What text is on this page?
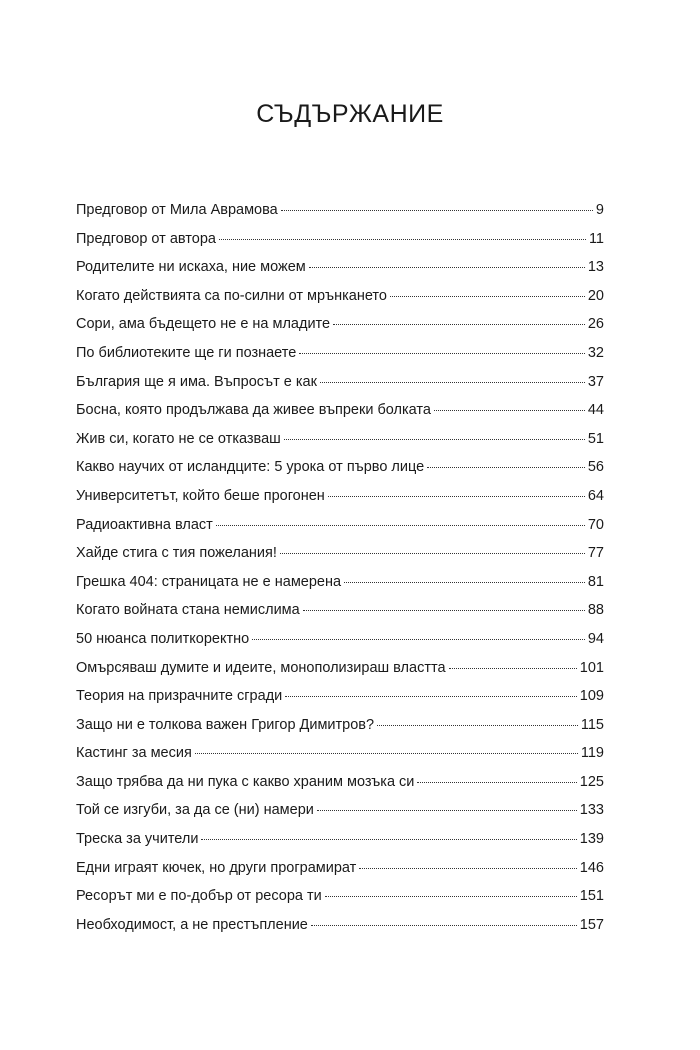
СЪДЪРЖАНИЕ
Предговор от Мила Аврамова	9
Предговор от автора	11
Родителите ни искаха, ние можем	13
Когато действията са по-силни от мрънкането	20
Сори, ама бъдещето не е на младите	26
По библиотеките ще ги познаете	32
България ще я има. Въпросът е как	37
Босна, която продължава да живее въпреки болката	44
Жив си, когато не се отказваш	51
Какво научих от исландците: 5 урока от първо лице	56
Университетът, който беше прогонен	64
Радиоактивна власт	70
Хайде стига с тия пожелания!	77
Грешка 404: страницата не е намерена	81
Когато войната стана немислима	88
50 нюанса политкоректно	94
Омърсяваш думите и идеите, монополизираш властта	101
Теория на призрачните сгради	109
Защо ни е толкова важен Григор Димитров?	115
Кастинг за месия	119
Защо трябва да ни пука с какво храним мозъка си	125
Той се изгуби, за да се (ни) намери	133
Треска за учители	139
Едни играят кючек, но други програмират	146
Ресорът ми е по-добър от ресора ти	151
Необходимост, а не престъпление	157
